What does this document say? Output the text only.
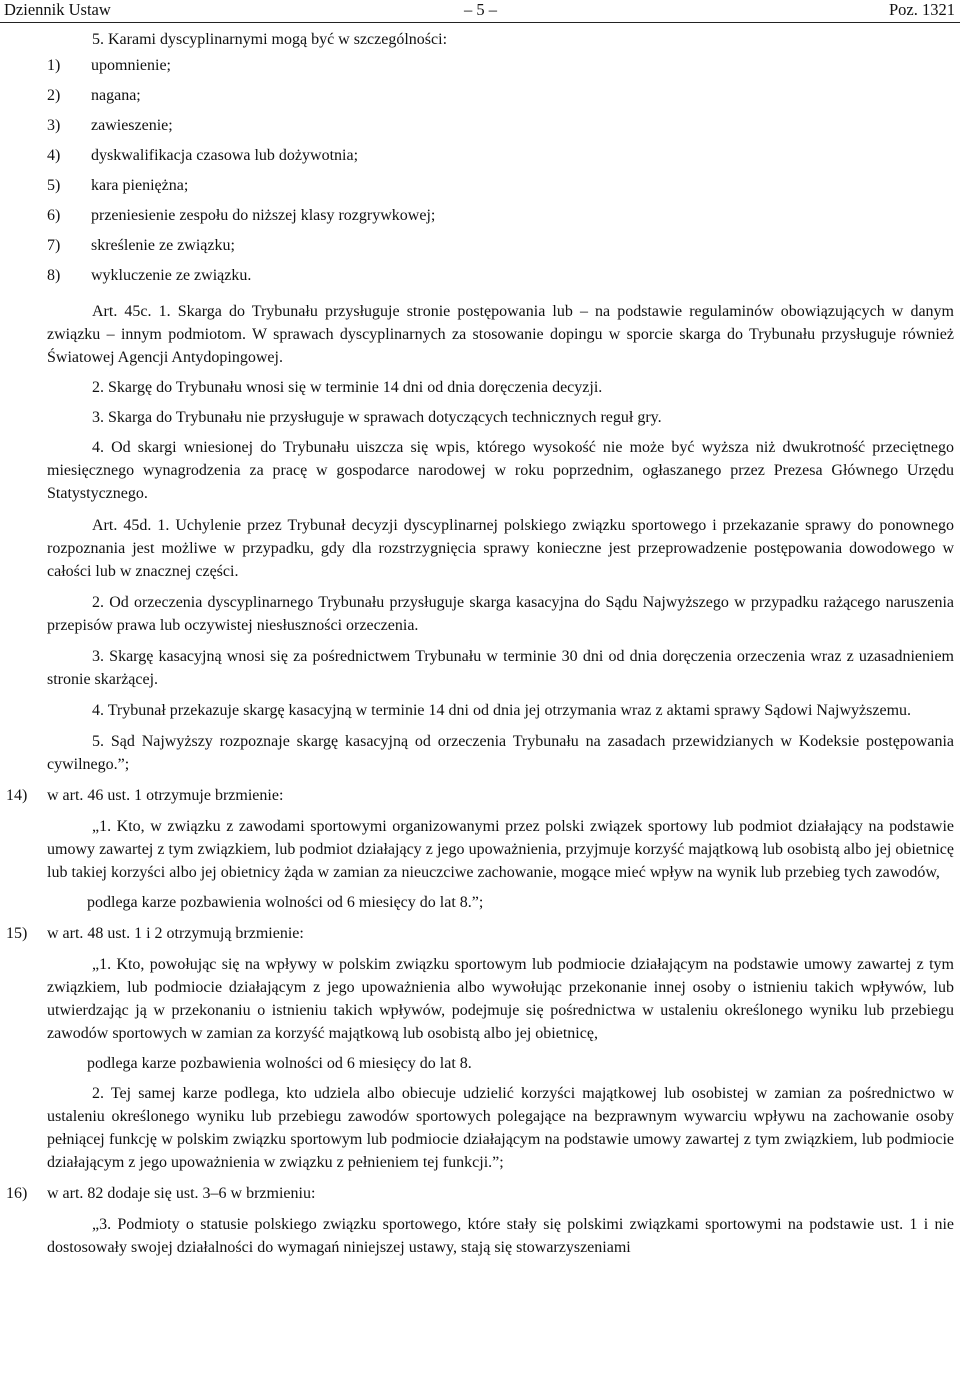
Dziennik Ustaw	– 5 –	Poz. 1321

5. Karami dyscyplinarnymi mogą być w szczególności:

1) upomnienie;
2) nagana;
3) zawieszenie;
4) dyskwalifikacja czasowa lub dożywotnia;
5) kara pieniężna;
6) przeniesienie zespołu do niższej klasy rozgrywkowej;
7) skreślenie ze związku;
8) wykluczenie ze związku.

Art. 45c. 1. Skarga do Trybunału przysługuje stronie postępowania lub – na podstawie regulaminów obowiązujących w danym związku – innym podmiotom. W sprawach dyscyplinarnych za stosowanie dopingu w sporcie skarga do Trybunału przysługuje również Światowej Agencji Antydopingowej.

2. Skargę do Trybunału wnosi się w terminie 14 dni od dnia doręczenia decyzji.

3. Skarga do Trybunału nie przysługuje w sprawach dotyczących technicznych reguł gry.

4. Od skargi wniesionej do Trybunału uiszcza się wpis, którego wysokość nie może być wyższa niż dwukrotność przeciętnego miesięcznego wynagrodzenia za pracę w gospodarce narodowej w roku poprzednim, ogłaszanego przez Prezesa Głównego Urzędu Statystycznego.

Art. 45d. 1. Uchylenie przez Trybunał decyzji dyscyplinarnej polskiego związku sportowego i przekazanie sprawy do ponownego rozpoznania jest możliwe w przypadku, gdy dla rozstrzygnięcia sprawy konieczne jest przeprowadzenie postępowania dowodowego w całości lub w znacznej części.

2. Od orzeczenia dyscyplinarnego Trybunału przysługuje skarga kasacyjna do Sądu Najwyższego w przypadku rażącego naruszenia przepisów prawa lub oczywistej niesłuszności orzeczenia.

3. Skargę kasacyjną wnosi się za pośrednictwem Trybunału w terminie 30 dni od dnia doręczenia orzeczenia wraz z uzasadnieniem stronie skarżącej.

4. Trybunał przekazuje skargę kasacyjną w terminie 14 dni od dnia jej otrzymania wraz z aktami sprawy Sądowi Najwyższemu.

5. Sąd Najwyższy rozpoznaje skargę kasacyjną od orzeczenia Trybunału na zasadach przewidzianych w Kodeksie postępowania cywilnego.”;

14) w art. 46 ust. 1 otrzymuje brzmienie:

„1. Kto, w związku z zawodami sportowymi organizowanymi przez polski związek sportowy lub podmiot działający na podstawie umowy zawartej z tym związkiem, lub podmiot działający z jego upoważnienia, przyjmuje korzyść majątkową lub osobistą albo jej obietnicę lub takiej korzyści albo jej obietnicy żąda w zamian za nieuczciwe zachowanie, mogące mieć wpływ na wynik lub przebieg tych zawodów,

podlega karze pozbawienia wolności od 6 miesięcy do lat 8.”;

15) w art. 48 ust. 1 i 2 otrzymują brzmienie:

„1. Kto, powołując się na wpływy w polskim związku sportowym lub podmiocie działającym na podstawie umowy zawartej z tym związkiem, lub podmiocie działającym z jego upoważnienia albo wywołując przekonanie innej osoby o istnieniu takich wpływów, lub utwierdzając ją w przekonaniu o istnieniu takich wpływów, podejmuje się pośrednictwa w ustaleniu określonego wyniku lub przebiegu zawodów sportowych w zamian za korzyść majątkową lub osobistą albo jej obietnicę,

podlega karze pozbawienia wolności od 6 miesięcy do lat 8.

2. Tej samej karze podlega, kto udziela albo obiecuje udzielić korzyści majątkowej lub osobistej w zamian za pośrednictwo w ustaleniu określonego wyniku lub przebiegu zawodów sportowych polegające na bezprawnym wywarciu wpływu na zachowanie osoby pełniącej funkcję w polskim związku sportowym lub podmiocie działającym na podstawie umowy zawartej z tym związkiem, lub podmiocie działającym z jego upoważnienia w związku z pełnieniem tej funkcji.”;

16) w art. 82 dodaje się ust. 3–6 w brzmieniu:

„3. Podmioty o statusie polskiego związku sportowego, które stały się polskimi związkami sportowymi na podstawie ust. 1 i nie dostosowały swojej działalności do wymagań niniejszej ustawy, stają się stowarzyszeniami
